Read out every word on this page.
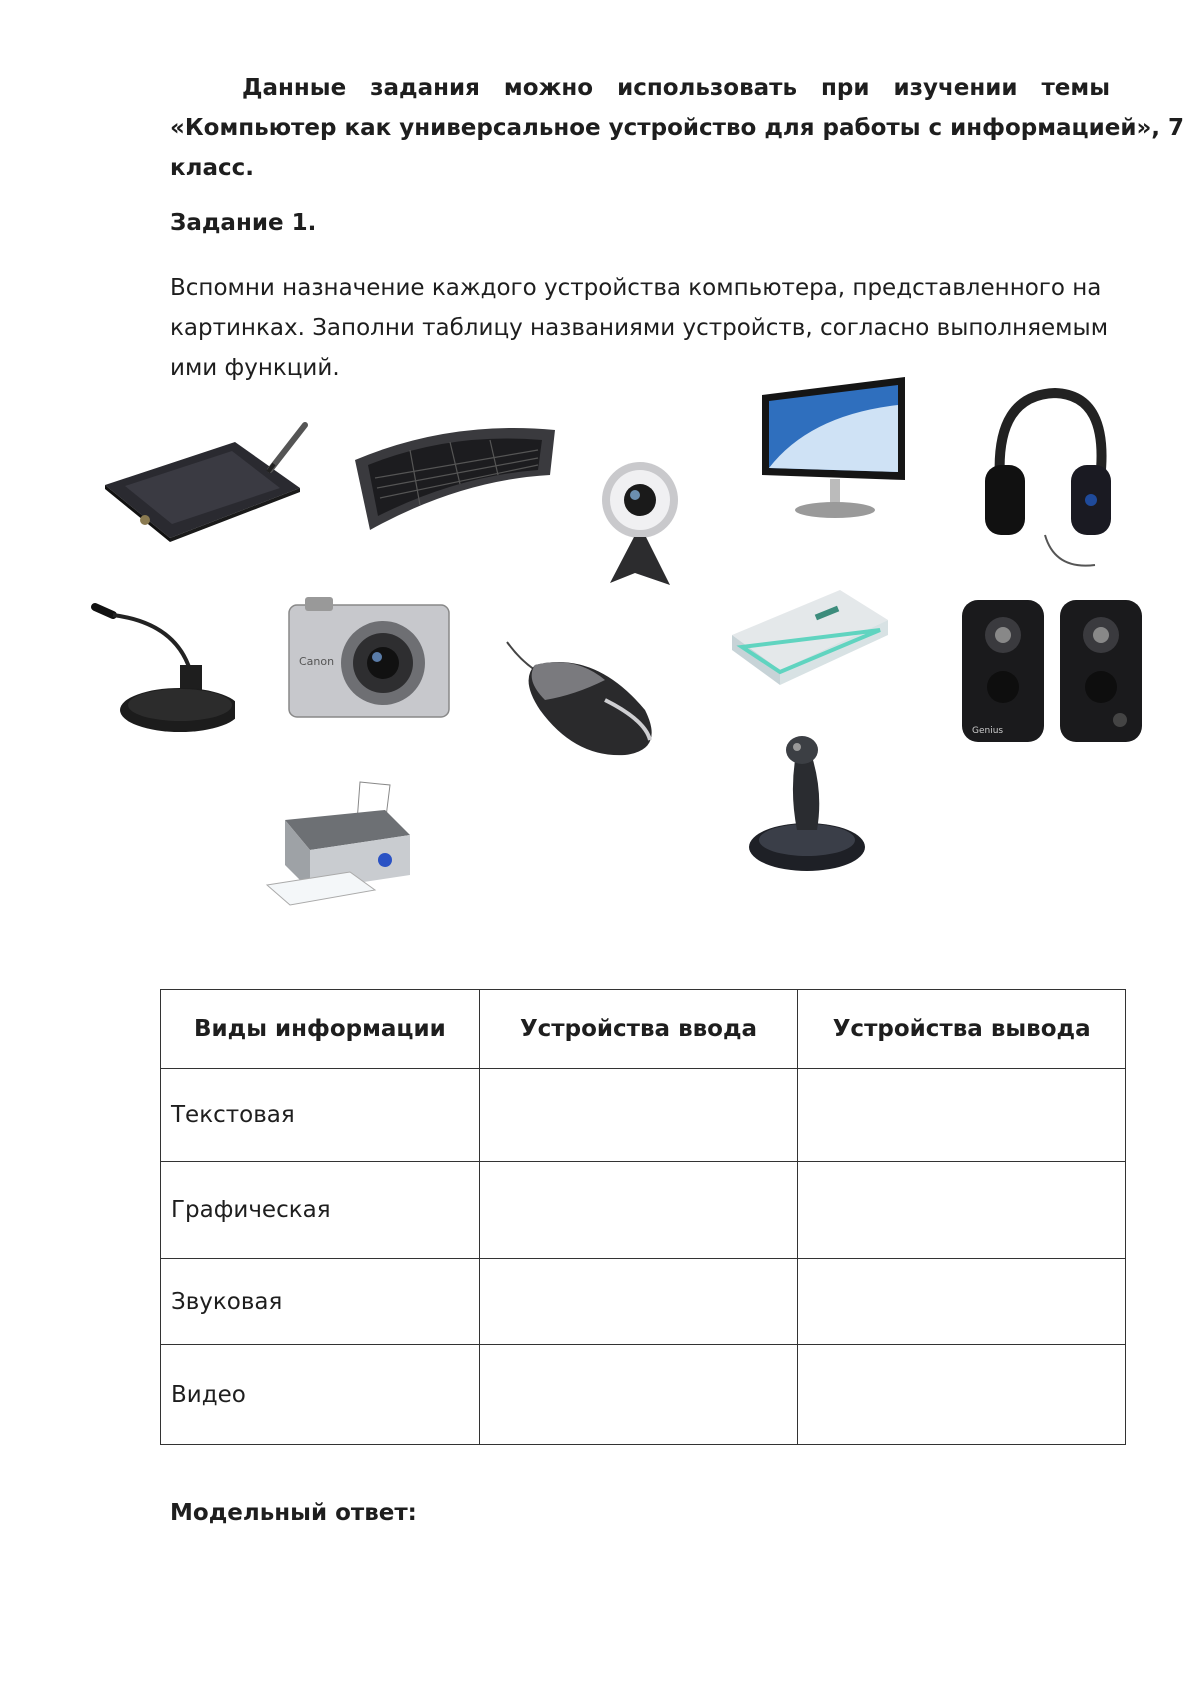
Данные задания можно использовать при изучении темы
«Компьютер как универсальное устройство для работы с информацией», 7
класс.
Задание 1.
Вспомни назначение каждого устройства компьютера, представленного на
картинках. Заполни таблицу названиями устройств, согласно выполняемым
ими функций.
Canon
Genius
Виды информации	Устройства ввода	Устройства вывода
Текстовая		
Графическая		
Звуковая		
Видео		
Модельный ответ:
